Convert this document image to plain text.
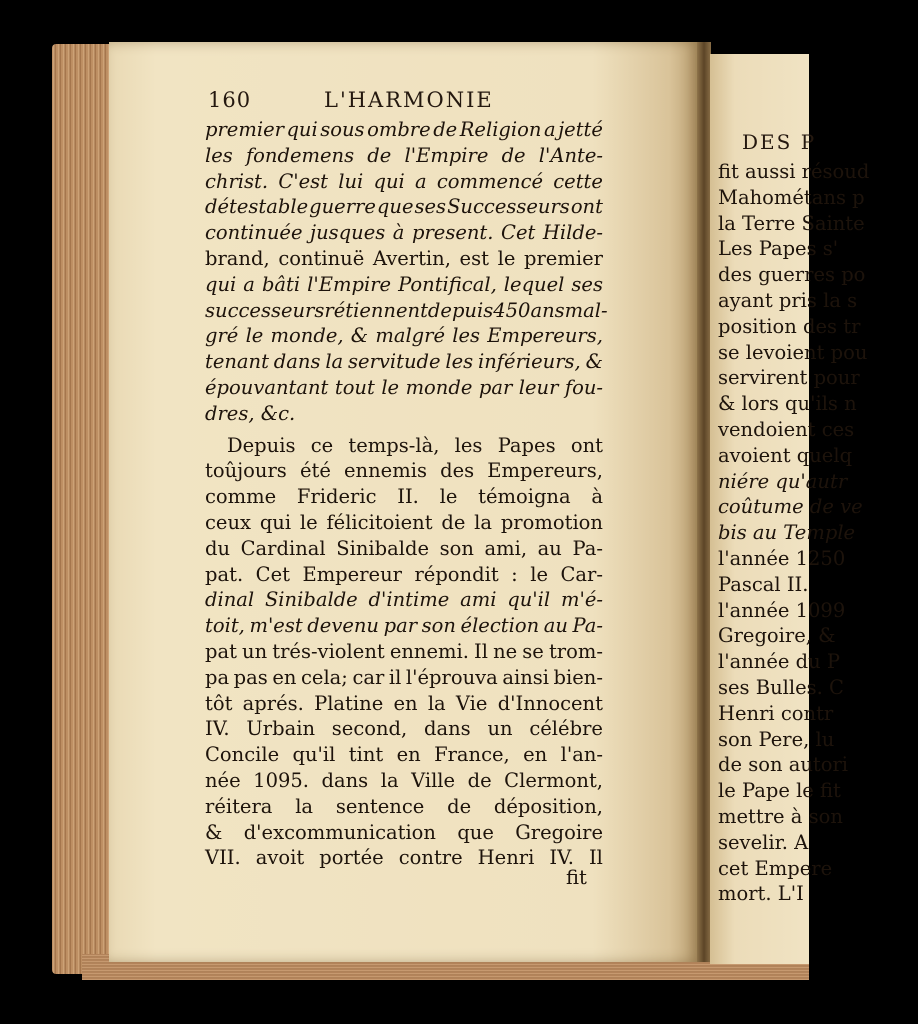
DES P
fit aussi résoud
Mahométans p
la Terre Sainte
Les Papes s'
des guerres po
ayant pris la s
position des tr
se levoient pou
servirent pour
& lors qu'ils n
vendoient ces
avoient quelq
niére qu'autr
coûtume de ve
bis au Temple
l'année 1250
Pascal II.
l'année 1099
Gregoire, &
l'année du P
ses Bulles. C
Henri contr
son Pere, lu
de son autori
le Pape le fit
mettre à son
sevelir. A
cet Empere
mort. L'I
160	L'HARMONIE
premier qui sous ombre de Religion a jetté
les fondemens de l'Empire de l'Ante-
christ. C'est lui qui a commencé cette
détestable guerre que ses Successeurs ont
continuée jusques à present. Cet Hilde-
brand, continuë Avertin, est le premier
qui a bâti l'Empire Pontifical, lequel ses
successeurs rétiennent depuis 450 ans mal-
gré le monde, & malgré les Empereurs,
tenant dans la servitude les inférieurs, &
épouvantant tout le monde par leur fou-
dres, &c.
Depuis ce temps-là, les Papes ont
toûjours été ennemis des Empereurs,
comme Frideric II. le témoigna à
ceux qui le félicitoient de la promotion
du Cardinal Sinibalde son ami, au Pa-
pat. Cet Empereur répondit : le Car-
dinal Sinibalde d'intime ami qu'il m'é-
toit, m'est devenu par son élection au Pa-
pat un trés-violent ennemi. Il ne se trom-
pa pas en cela; car il l'éprouva ainsi bien-
tôt aprés. Platine en la Vie d'Innocent
IV. Urbain second, dans un célébre
Concile qu'il tint en France, en l'an-
née 1095. dans la Ville de Clermont,
réitera la sentence de déposition,
& d'excommunication que Gregoire
VII. avoit portée contre Henri IV. Il
fit
